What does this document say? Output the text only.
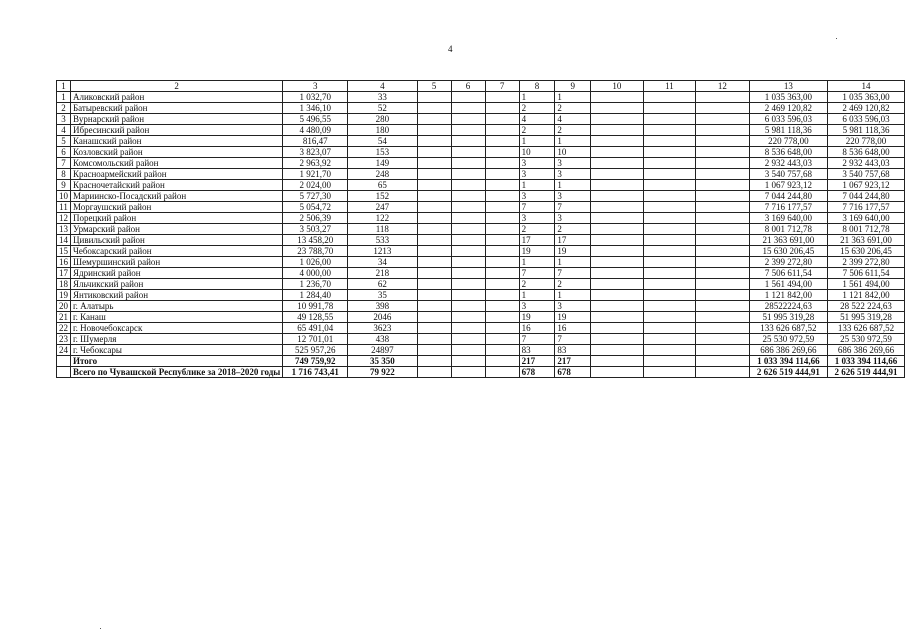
4
1	2	3	4	5	6	7	8	9	10	11	12	13	14
1	Аликовский район	1 032,70	33				1	1				1 035 363,00	1 035 363,00
2	Батыревский район	1 346,10	52				2	2				2 469 120,82	2 469 120,82
3	Вурнарский район	5 496,55	280				4	4				6 033 596,03	6 033 596,03
4	Ибресинский район	4 480,09	180				2	2				5 981 118,36	5 981 118,36
5	Канашский район	816,47	54				1	1				220 778,00	220 778,00
6	Козловский район	3 823,07	153				10	10				8 536 648,00	8 536 648,00
7	Комсомольский район	2 963,92	149				3	3				2 932 443,03	2 932 443,03
8	Красноармейский район	1 921,70	248				3	3				3 540 757,68	3 540 757,68
9	Красночетайский район	2 024,00	65				1	1				1 067 923,12	1 067 923,12
10	Мариинско-Посадский район	5 727,30	152				3	3				7 044 244,80	7 044 244,80
11	Моргаушский район	5 054,72	247				7	7				7 716 177,57	7 716 177,57
12	Порецкий район	2 506,39	122				3	3				3 169 640,00	3 169 640,00
13	Урмарский район	3 503,27	118				2	2				8 001 712,78	8 001 712,78
14	Цивильский район	13 458,20	533				17	17				21 363 691,00	21 363 691,00
15	Чебоксарский район	23 788,70	1213				19	19				15 630 206,45	15 630 206,45
16	Шемуршинский район	1 026,00	34				1	1				2 399 272,80	2 399 272,80
17	Ядринский район	4 000,00	218				7	7				7 506 611,54	7 506 611,54
18	Яльчикский район	1 236,70	62				2	2				1 561 494,00	1 561 494,00
19	Янтиковский район	1 284,40	35				1	1				1 121 842,00	1 121 842,00
20	г. Алатырь	10 991,78	398				3	3				28522224,63	28 522 224,63
21	г. Канаш	49 128,55	2046				19	19				51 995 319,28	51 995 319,28
22	г. Новочебоксарск	65 491,04	3623				16	16				133 626 687,52	133 626 687,52
23	г. Шумерля	12 701,01	438				7	7				25 530 972,59	25 530 972,59
24	г. Чебоксары	525 957,26	24897				83	83				686 386 269,66	686 386 269,66
	Итого	749 759,92	35 350				217	217				1 033 394 114,66	1 033 394 114,66
	Всего по Чувашской Республике за 2018–2020 годы	1 716 743,41	79 922				678	678				2 626 519 444,91	2 626 519 444,91
